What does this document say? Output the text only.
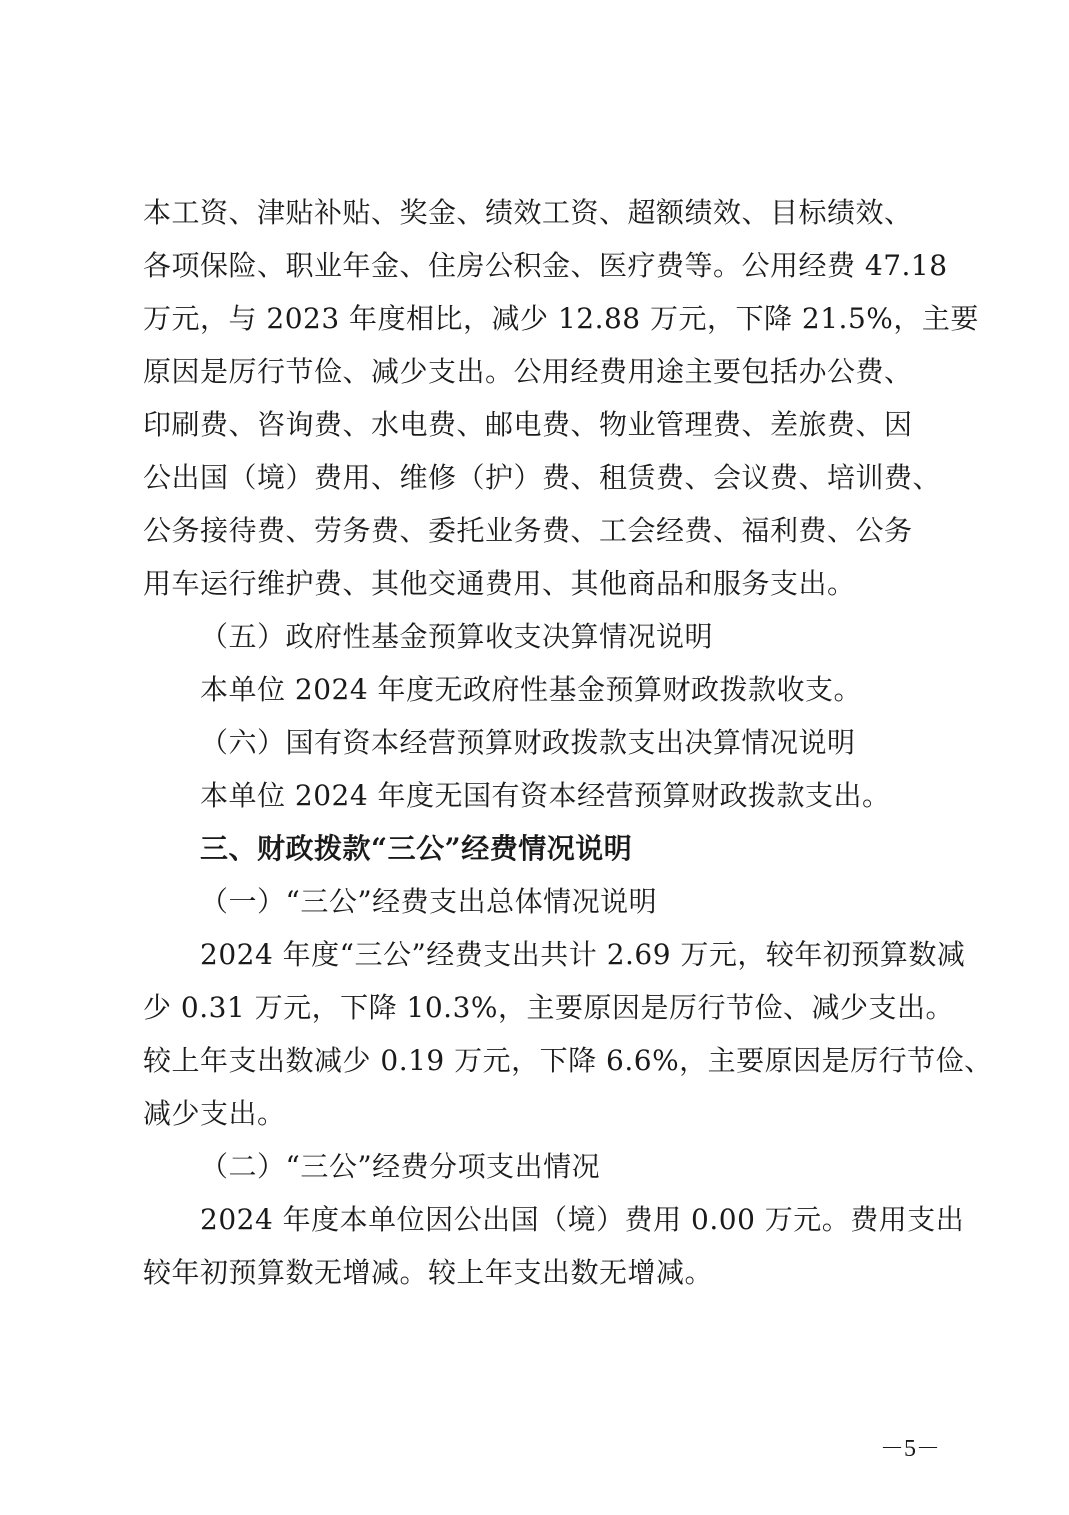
本工资、津贴补贴、奖金、绩效工资、超额绩效、目标绩效、
各项保险、职业年金、住房公积金、医疗费等。公用经费 47.18
万元，与 2023 年度相比，减少 12.88 万元，下降 21.5%，主要
原因是厉行节俭、减少支出。公用经费用途主要包括办公费、
印刷费、咨询费、水电费、邮电费、物业管理费、差旅费、因
公出国（境）费用、维修（护）费、租赁费、会议费、培训费、
公务接待费、劳务费、委托业务费、工会经费、福利费、公务
用车运行维护费、其他交通费用、其他商品和服务支出。
（五）政府性基金预算收支决算情况说明
本单位 2024 年度无政府性基金预算财政拨款收支。
（六）国有资本经营预算财政拨款支出决算情况说明
本单位 2024 年度无国有资本经营预算财政拨款支出。
三、财政拨款“三公”经费情况说明
（一）“三公”经费支出总体情况说明
2024 年度“三公”经费支出共计 2.69 万元，较年初预算数减
少 0.31 万元，下降 10.3%，主要原因是厉行节俭、减少支出。
较上年支出数减少 0.19 万元，下降 6.6%，主要原因是厉行节俭、
减少支出。
（二）“三公”经费分项支出情况
2024 年度本单位因公出国（境）费用 0.00 万元。费用支出
较年初预算数无增减。较上年支出数无增减。
－5－
